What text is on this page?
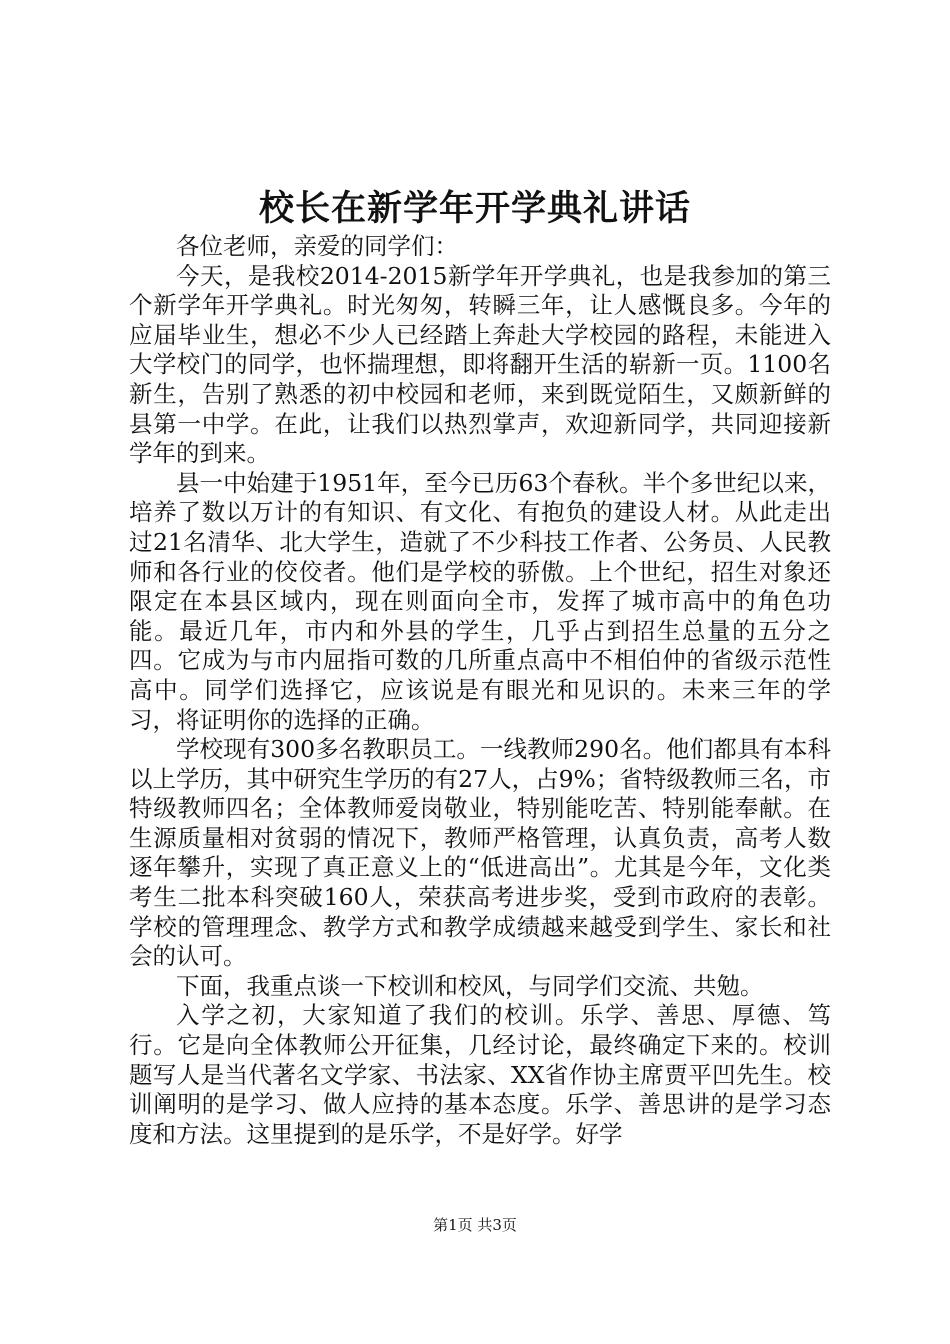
校长在新学年开学典礼讲话

各位老师，亲爱的同学们：

今天，是我校2014-2015新学年开学典礼，也是我参加的第三个新学年开学典礼。时光匆匆，转瞬三年，让人感慨良多。今年的应届毕业生，想必不少人已经踏上奔赴大学校园的路程，未能进入大学校门的同学，也怀揣理想，即将翻开生活的崭新一页。1100名新生，告别了熟悉的初中校园和老师，来到既觉陌生，又颇新鲜的县第一中学。在此，让我们以热烈掌声，欢迎新同学，共同迎接新学年的到来。

县一中始建于1951年，至今已历63个春秋。半个多世纪以来，培养了数以万计的有知识、有文化、有抱负的建设人材。从此走出过21名清华、北大学生，造就了不少科技工作者、公务员、人民教师和各行业的佼佼者。他们是学校的骄傲。上个世纪，招生对象还限定在本县区域内，现在则面向全市，发挥了城市高中的角色功能。最近几年，市内和外县的学生，几乎占到招生总量的五分之四。它成为与市内屈指可数的几所重点高中不相伯仲的省级示范性高中。同学们选择它，应该说是有眼光和见识的。未来三年的学习，将证明你的选择的正确。

学校现有300多名教职员工。一线教师290名。他们都具有本科以上学历，其中研究生学历的有27人，占9%；省特级教师三名，市特级教师四名；全体教师爱岗敬业，特别能吃苦、特别能奉献。在生源质量相对贫弱的情况下，教师严格管理，认真负责，高考人数逐年攀升，实现了真正意义上的“低进高出”。尤其是今年，文化类考生二批本科突破160人，荣获高考进步奖，受到市政府的表彰。学校的管理理念、教学方式和教学成绩越来越受到学生、家长和社会的认可。

下面，我重点谈一下校训和校风，与同学们交流、共勉。

入学之初，大家知道了我们的校训。乐学、善思、厚德、笃行。它是向全体教师公开征集，几经讨论，最终确定下来的。校训题写人是当代著名文学家、书法家、XX省作协主席贾平凹先生。校训阐明的是学习、做人应持的基本态度。乐学、善思讲的是学习态度和方法。这里提到的是乐学，不是好学。好学

第1页 共3页
